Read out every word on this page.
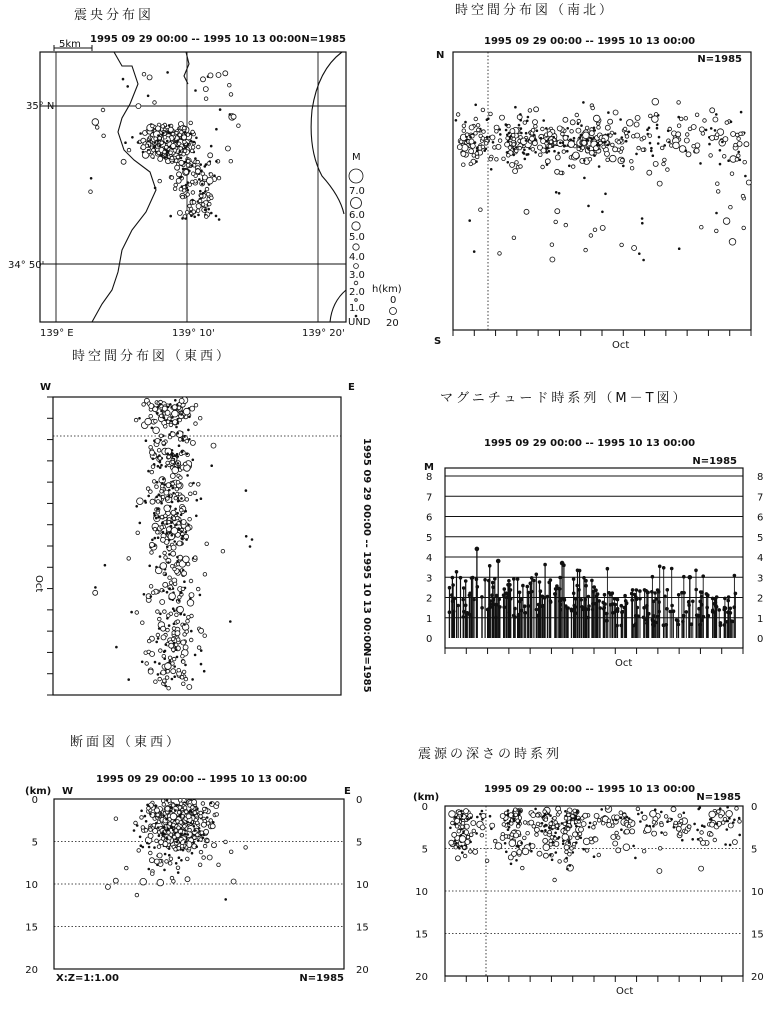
震央分布図
1995 09 29 00:00 -- 1995 10 13 00:00 N=1985
5km
35° N
34° 50'
139° E	139° 10'	139° 20'
M
7.0
6.0
5.0
4.0
3.0
2.0
1.0
UND
h(km)
0
20
時空間分布図（南北）
1995 09 29 00:00 -- 1995 10 13 00:00
N=1985
N
S	Oct
時空間分布図（東西）
W	E
Oct	1995 09 29 00:00 -- 1995 10 13 00:00
N=1985
マグニチュード時系列（M－T図）
1995 09 29 00:00 -- 1995 10 13 00:00
N=1985
M
0	0
1	1
2	2
3	3
4	4
5	5
6	6
7	7
8	8
Oct
断面図（東西）
1995 09 29 00:00 -- 1995 10 13 00:00
(km) W	E
0	0
5	5
10	10
15	15
20	20
X:Z=1:1.00	N=1985
震源の深さの時系列
1995 09 29 00:00 -- 1995 10 13 00:00
N=1985
(km)
0	0
5	5
10	10
15	15
20	20
Oct
